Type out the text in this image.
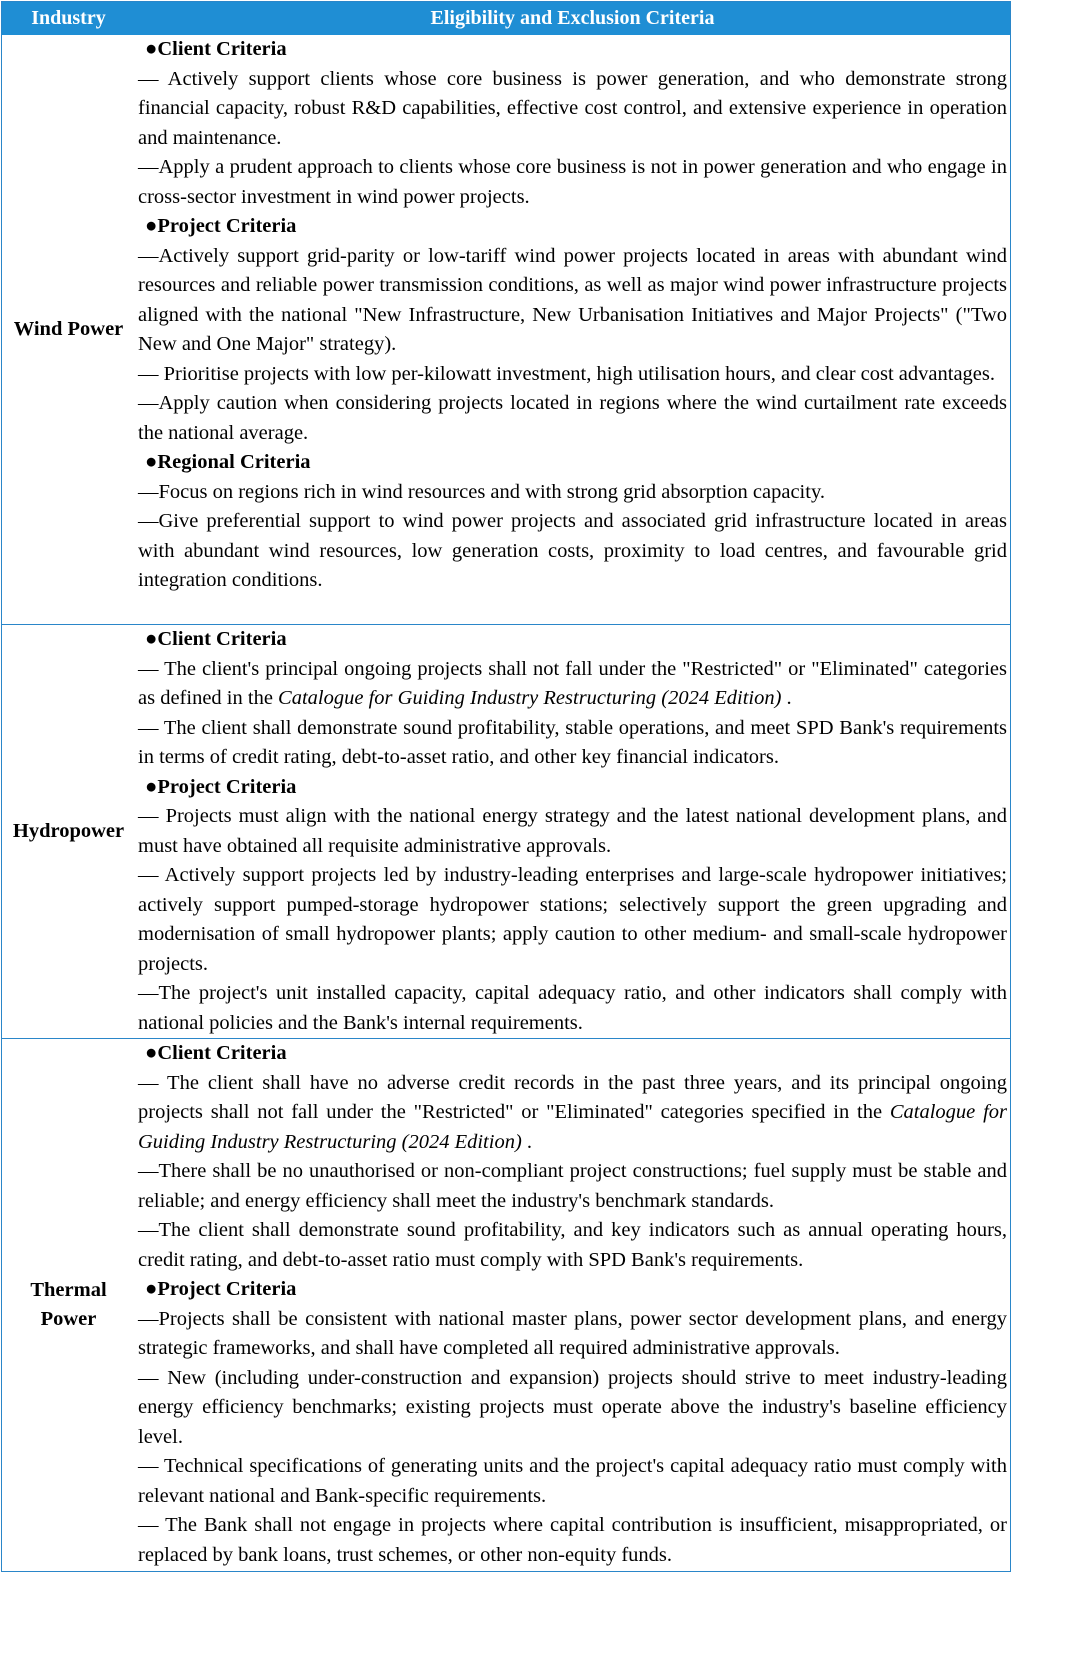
Industry	Eligibility and Exclusion Criteria
Wind Power
●Client Criteria
— Actively support clients whose core business is power generation, and who demonstrate strong financial capacity, robust R&D capabilities, effective cost control, and extensive experience in operation and maintenance.
—Apply a prudent approach to clients whose core business is not in power generation and who engage in cross-sector investment in wind power projects.
●Project Criteria
—Actively support grid-parity or low-tariff wind power projects located in areas with abundant wind resources and reliable power transmission conditions, as well as major wind power infrastructure projects aligned with the national "New Infrastructure, New Urbanisation Initiatives and Major Projects" ("Two New and One Major" strategy).
— Prioritise projects with low per-kilowatt investment, high utilisation hours, and clear cost advantages.
—Apply caution when considering projects located in regions where the wind curtailment rate exceeds the national average.
●Regional Criteria
—Focus on regions rich in wind resources and with strong grid absorption capacity.
—Give preferential support to wind power projects and associated grid infrastructure located in areas with abundant wind resources, low generation costs, proximity to load centres, and favourable grid integration conditions.
Hydropower
●Client Criteria
— The client's principal ongoing projects shall not fall under the "Restricted" or "Eliminated" categories as defined in the Catalogue for Guiding Industry Restructuring (2024 Edition) .
— The client shall demonstrate sound profitability, stable operations, and meet SPD Bank's requirements in terms of credit rating, debt-to-asset ratio, and other key financial indicators.
●Project Criteria
— Projects must align with the national energy strategy and the latest national development plans, and must have obtained all requisite administrative approvals.
— Actively support projects led by industry-leading enterprises and large-scale hydropower initiatives; actively support pumped-storage hydropower stations; selectively support the green upgrading and modernisation of small hydropower plants; apply caution to other medium- and small-scale hydropower projects.
—The project's unit installed capacity, capital adequacy ratio, and other indicators shall comply with national policies and the Bank's internal requirements.
Thermal
Power
●Client Criteria
— The client shall have no adverse credit records in the past three years, and its principal ongoing projects shall not fall under the "Restricted" or "Eliminated" categories specified in the Catalogue for Guiding Industry Restructuring (2024 Edition) .
—There shall be no unauthorised or non-compliant project constructions; fuel supply must be stable and reliable; and energy efficiency shall meet the industry's benchmark standards.
—The client shall demonstrate sound profitability, and key indicators such as annual operating hours, credit rating, and debt-to-asset ratio must comply with SPD Bank's requirements.
●Project Criteria
—Projects shall be consistent with national master plans, power sector development plans, and energy strategic frameworks, and shall have completed all required administrative approvals.
— New (including under-construction and expansion) projects should strive to meet industry-leading energy efficiency benchmarks; existing projects must operate above the industry's baseline efficiency level.
— Technical specifications of generating units and the project's capital adequacy ratio must comply with relevant national and Bank-specific requirements.
— The Bank shall not engage in projects where capital contribution is insufficient, misappropriated, or replaced by bank loans, trust schemes, or other non-equity funds.
